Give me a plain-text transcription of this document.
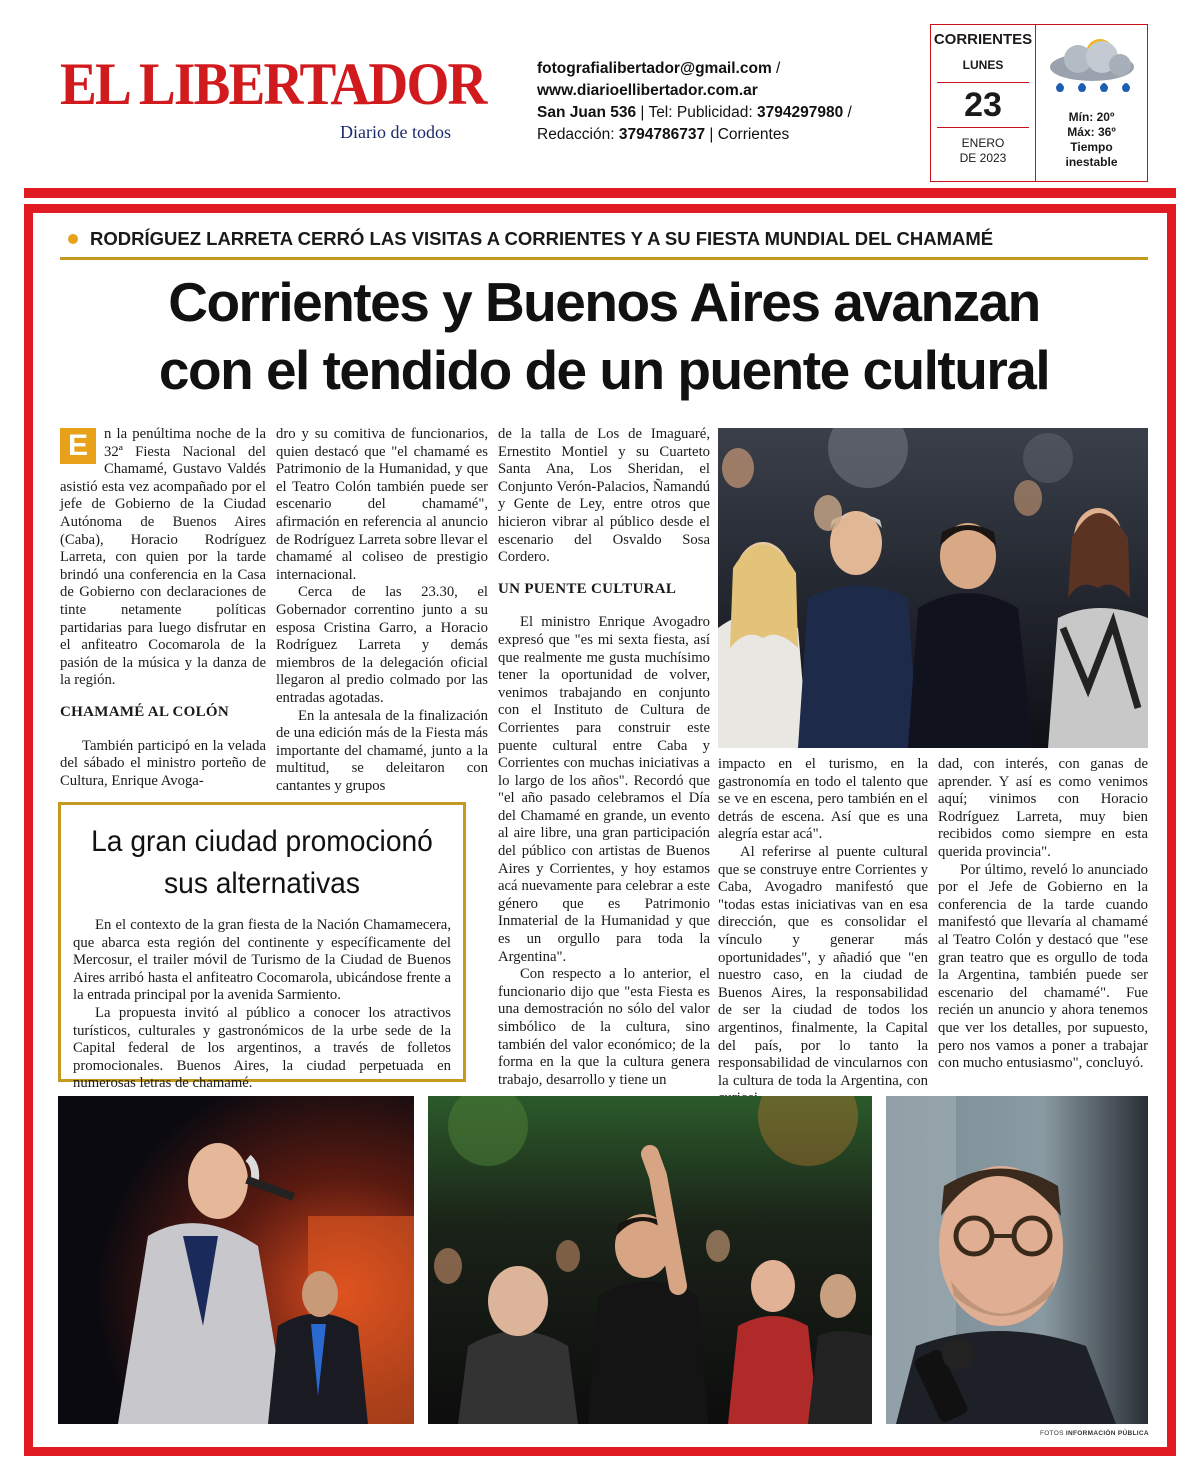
EL LIBERTADOR
Diario de todos
fotografialibertador@gmail.com /
www.diarioellibertador.com.ar
San Juan 536 | Tel: Publicidad: 3794297980 /
Redacción: 3794786737 | Corrientes
CORRIENTES
LUNES
23
ENERO
DE 2023
Mín: 20º
Máx: 36º
Tiempo
inestable
RODRÍGUEZ LARRETA CERRÓ LAS VISITAS A CORRIENTES Y A SU FIESTA MUNDIAL DEL CHAMAMÉ
Corrientes y Buenos Aires avanzan
con el tendido de un puente cultural

E	n la penúltima noche de la 32ª Fiesta Nacional del Chamamé, Gustavo Valdés asistió esta vez acompañado por el jefe de Gobierno de la Ciudad Autónoma de Buenos Aires (Caba), Horacio Rodríguez Larreta, con quien por la tarde brindó una conferencia en la Casa de Gobierno con declaraciones de tinte netamente políticas partidarias para luego disfrutar en el anfiteatro Cocomarola de la pasión de la música y la danza de la región.

CHAMAMÉ AL COLÓN

También participó en la velada del sábado el ministro porteño de Cultura, Enrique Avoga-

dro y su comitiva de funcionarios, quien destacó que "el chamamé es Patrimonio de la Humanidad, y que el Teatro Colón también puede ser escenario del chamamé", afirmación en referencia al anuncio de Rodríguez Larreta sobre llevar el chamamé al coliseo de prestigio internacional.

Cerca de las 23.30, el Gobernador correntino junto a su esposa Cristina Garro, a Horacio Rodríguez Larreta y demás miembros de la delegación oficial llegaron al predio colmado por las entradas agotadas.

En la antesala de la finalización de una edición más de la Fiesta más importante del chamamé, junto a la multitud, se deleitaron con cantantes y grupos

de la talla de Los de Imaguaré, Ernestito Montiel y su Cuarteto Santa Ana, Los Sheridan, el Conjunto Verón-Palacios, Ñamandú y Gente de Ley, entre otros que hicieron vibrar al público desde el escenario del Osvaldo Sosa Cordero.

UN PUENTE CULTURAL

El ministro Enrique Avogadro expresó que "es mi sexta fiesta, así que realmente me gusta muchísimo tener la oportunidad de volver, venimos trabajando en conjunto con el Instituto de Cultura de Corrientes para construir este puente cultural entre Caba y Corrientes con muchas iniciativas a lo largo de los años". Recordó que "el año pasado celebramos el Día del Chamamé en grande, un evento al aire libre, una gran participación del público con artistas de Buenos Aires y Corrientes, y hoy estamos acá nuevamente para celebrar a este género que es Patrimonio Inmaterial de la Humanidad y que es un orgullo para toda la Argentina".

Con respecto a lo anterior, el funcionario dijo que "esta Fiesta es una demostración no sólo del valor simbólico de la cultura, sino también del valor económico; de la forma en la que la cultura genera trabajo, desarrollo y tiene un

impacto en el turismo, en la gastronomía en todo el talento que se ve en escena, pero también en el detrás de escena. Así que es una alegría estar acá".

Al referirse al puente cultural que se construye entre Corrientes y Caba, Avogadro manifestó que "todas estas iniciativas van en esa dirección, que es consolidar el vínculo y generar más oportunidades", y añadió que "en nuestro caso, en la ciudad de Buenos Aires, la responsabilidad de ser la ciudad de todos los argentinos, finalmente, la Capital del país, por lo tanto la responsabilidad de vincularnos con la cultura de toda la Argentina, con

dad, con interés, con ganas de aprender. Y así es como venimos aquí; vinimos con Horacio Rodríguez Larreta, muy bien recibidos como siempre en esta querida provincia".

Por último, reveló lo anunciado por el Jefe de Gobierno en la conferencia de la tarde cuando manifestó que llevaría al chamamé al Teatro Colón y destacó que "ese gran teatro que es orgullo de toda la Argentina, también puede ser escenario del chamamé". Fue recién un anuncio y ahora tenemos que ver los detalles, por supuesto, pero nos vamos a poner a trabajar con mucho entusiasmo", concluyó.

La gran ciudad promocionó
sus alternativas

En el contexto de la gran fiesta de la Nación Chamamecera, que abarca esta región del continente y específicamente del Mercosur, el trailer móvil de Turismo de la Ciudad de Buenos Aires arribó hasta el anfiteatro Cocomarola, ubicándose frente a la entrada principal por la avenida Sarmiento.

La propuesta invitó al público a conocer los atractivos turísticos, culturales y gastronómicos de la urbe sede de la Capital federal de los argentinos, a través de folletos promocionales. Buenos Aires, la ciudad perpetuada en numerosas letras de chamamé.

FOTOS INFORMACIÓN PÚBLICA
